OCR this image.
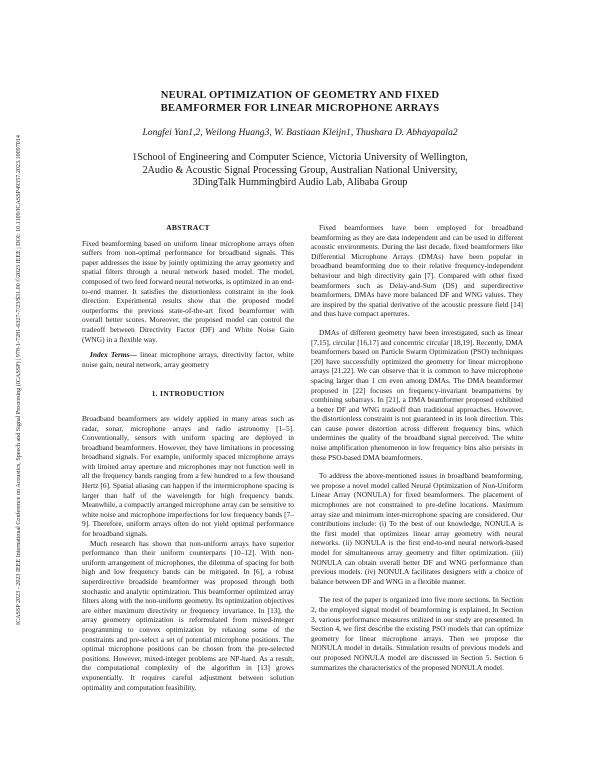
ICASSP 2023 - 2023 IEEE International Conference on Acoustics, Speech and Signal Processing (ICASSP) | 978-1-7281-6327-7/23/$31.00 ©2023 IEEE | DOI: 10.1109/ICASSP49357.2023.10097014
NEURAL OPTIMIZATION OF GEOMETRY AND FIXED
BEAMFORMER FOR LINEAR MICROPHONE ARRAYS
Longfei Yan1,2, Weilong Huang3, W. Bastiaan Kleijn1, Thushara D. Abhayapala2
1School of Engineering and Computer Science, Victoria University of Wellington,
2Audio & Acoustic Signal Processing Group, Australian National University,
3DingTalk Hummingbird Audio Lab, Alibaba Group
ABSTRACT

Fixed beamforming based on uniform linear microphone arrays often suffers from non-optimal performance for broadband signals. This paper addresses the issue by jointly optimizing the array geometry and spatial filters through a neural network based model. The model, composed of two feed forward neural networks, is optimized in an end-to-end manner. It satisfies the distortionless constraint in the look direction. Experimental results show that the proposed model outperforms the previous state-of-the-art fixed beamformer with overall better scores. Moreover, the proposed model can control the tradeoff between Directivity Factor (DF) and White Noise Gain (WNG) in a flexible way.

Index Terms— linear microphone arrays, directivity factor, white noise gain, neural network, array geometry

1. INTRODUCTION

Broadband beamformers are widely applied in many areas such as radar, sonar, microphone arrays and radio astronomy [1–5]. Conventionally, sensors with uniform spacing are deployed in broadband beamformers. However, they have limitations in processing broadband signals. For example, uniformly spaced microphone arrays with limited array aperture and microphones may not function well in all the frequency bands ranging from a few hundred to a few thousand Hertz [6]. Spatial aliasing can happen if the intermicrophone spacing is larger than half of the wavelength for high frequency bands. Meanwhile, a compactly arranged microphone array can be sensitive to white noise and microphone imperfections for low frequency bands [7–9]. Therefore, uniform arrays often do not yield optimal performance for broadband signals.

Much research has shown that non-uniform arrays have superior performance than their uniform counterparts [10–12]. With non-uniform arrangement of microphones, the dilemma of spacing for both high and low frequency bands can be mitigated. In [6], a robust superdirective broadside beamformer was proposed through both stochastic and analytic optimization. This beamformer optimized array filters along with the non-uniform geometry. Its optimization objectives are either maximum directivity or frequency invariance. In [13], the array geometry optimization is reformulated from mixed-integer programming to convex optimization by relaxing some of the constraints and pre-select a set of potential microphone positions. The optimal microphone positions can be chosen from the pre-selected positions. However, mixed-integer problems are NP-hard. As a result, the computational complexity of the algorithm in [13] grows exponentially. It requires careful adjustment between solution optimality and computation feasibility.

Fixed beamformers have been employed for broadband beamforming as they are data independent and can be used in different acoustic environments. During the last decade, fixed beamformers like Differential Microphone Arrays (DMAs) have been popular in broadband beamforming due to their relative frequency-independent behaviour and high directivity gain [7]. Compared with other fixed beamformers such as Delay-and-Sum (DS) and superdirective beamformers, DMAs have more balanced DF and WNG values. They are inspired by the spatial derivative of the acoustic pressure field [14] and thus have compact apertures.

DMAs of different geometry have been investigated, such as linear [7,15], circular [16,17] and concentric circular [18,19]. Recently, DMA beamformers based on Particle Swarm Optimization (PSO) techniques [20] have successfully optimized the geometry for linear microphone arrays [21,22]. We can observe that it is common to have microphone spacing larger than 1 cm even among DMAs. The DMA beamformer proposed in [22] focuses on frequency-invariant beampatterns by combining subarrays. In [21], a DMA beamformer proposed exhibited a better DF and WNG tradeoff than traditional approaches. However, the distortionless constraint is not guaranteed in its look direction. This can cause power distortion across different frequency bins, which undermines the quality of the broadband signal perceived. The white noise amplification phenomenon in low frequency bins also persists in these PSO-based DMA beamformers.

To address the above-mentioned issues in broadband beamforming, we propose a novel model called Neural Optimization of Non-Uniform Linear Array (NONULA) for fixed beamformers. The placement of microphones are not constrained to pre-define locations. Maximum array size and minimum inter-microphone spacing are considered. Our contributions include: (i) To the best of our knowledge, NONULA is the first model that optimizes linear array geometry with neural networks. (ii) NONULA is the first end-to-end neural network-based model for simultaneous array geometry and filter optimization. (iii) NONULA can obtain overall better DF and WNG performance than previous models. (iv) NONULA facilitates designers with a choice of balance between DF and WNG in a flexible manner.

The rest of the paper is organized into five more sections. In Section 2, the employed signal model of beamforming is explained. In Section 3, various performance measures utilized in our study are presented. In Section 4, we first describe the existing PSO models that can optimize geometry for linear microphone arrays. Then we propose the NONULA model in details. Simulation results of previous models and our proposed NONULA model are discussed in Section 5. Section 6 summarizes the characteristics of the proposed NONULA model.
